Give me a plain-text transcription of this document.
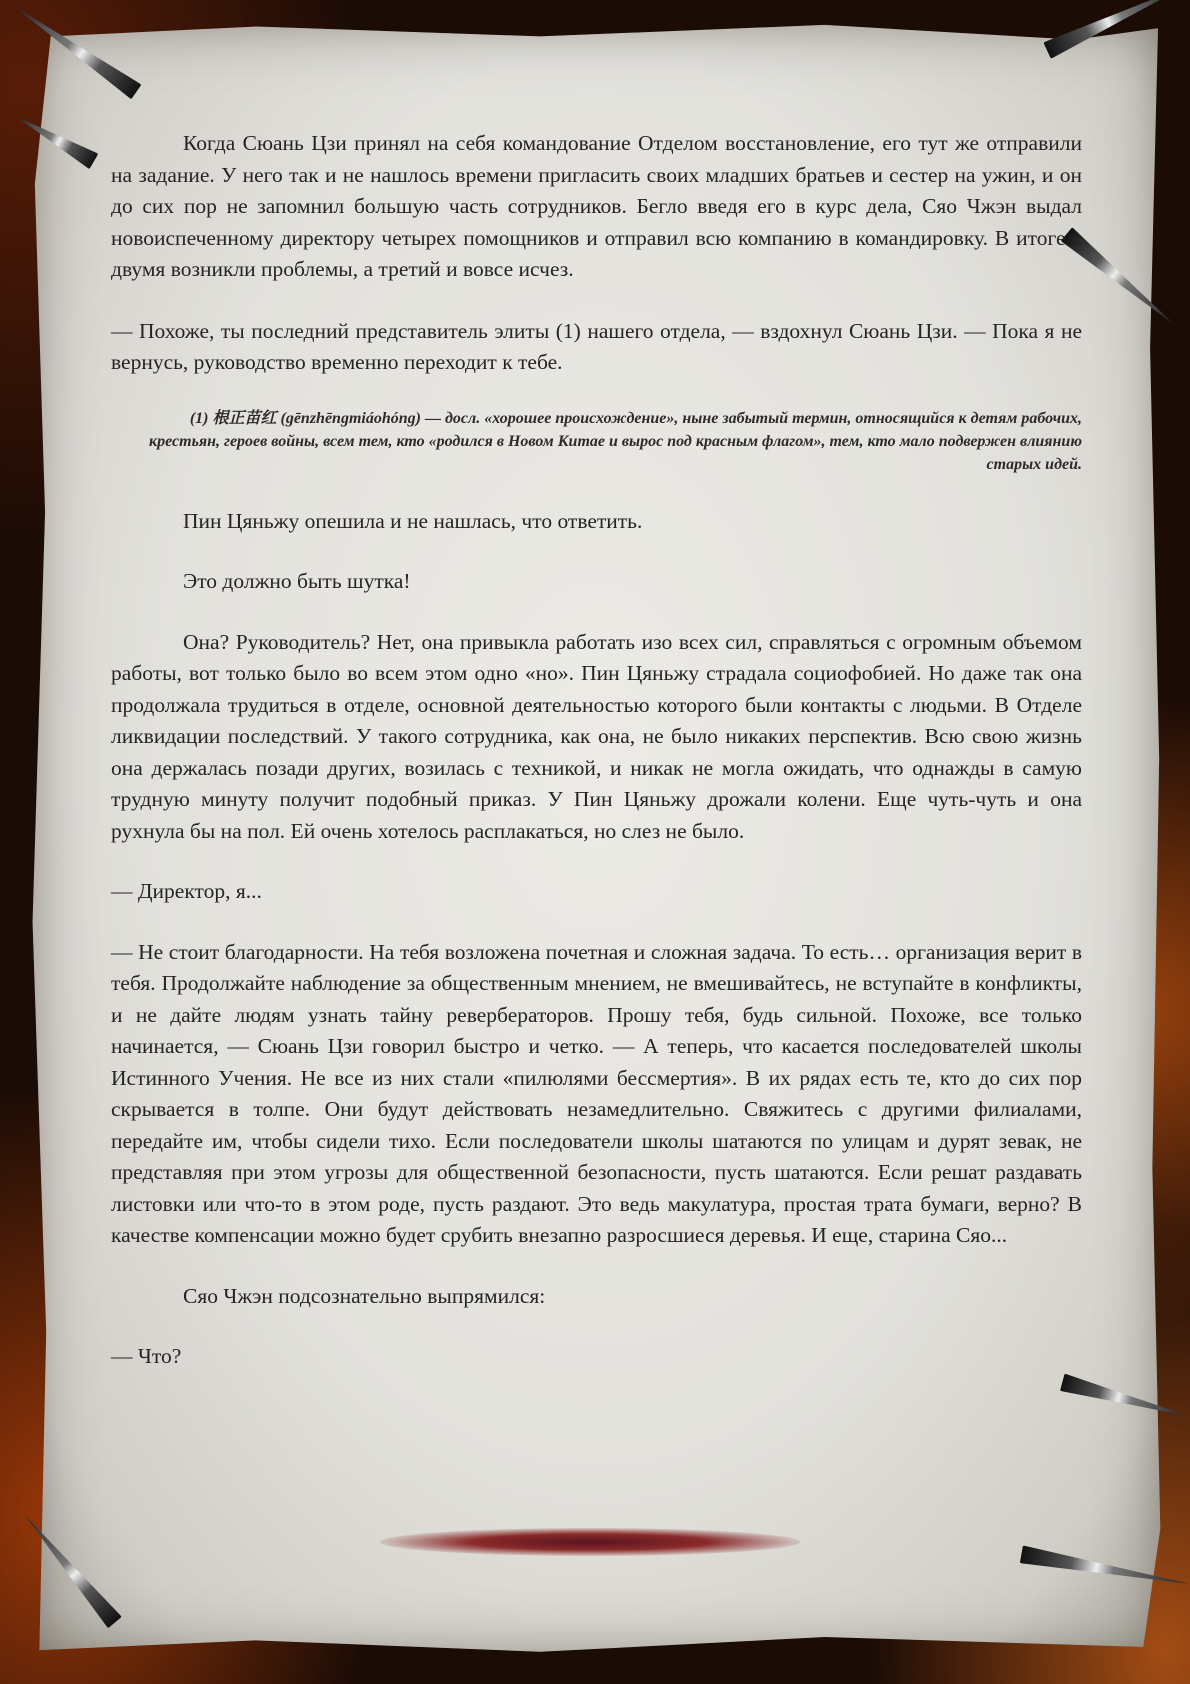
Когда Сюань Цзи принял на себя командование Отделом восстановление, его тут же отправили на задание. У него так и не нашлось времени пригласить своих младших братьев и сестер на ужин, и он до сих пор не запомнил большую часть сотрудников. Бегло введя его в курс дела, Сяо Чжэн выдал новоиспеченному директору четырех помощников и отправил всю компанию в командировку. В итоге с двумя возникли проблемы, а третий и вовсе исчез.

— Похоже, ты последний представитель элиты (1) нашего отдела, — вздохнул Сюань Цзи. — Пока я не вернусь, руководство временно переходит к тебе.

(1) 根正苗红 (gēnzhēngmiáohóng) — досл. «хорошее происхождение», ныне забытый термин, относящийся к детям рабочих, крестьян, героев войны, всем тем, кто «родился в Новом Китае и вырос под красным флагом», тем, кто мало подвержен влиянию старых идей.

Пин Цяньжу опешила и не нашлась, что ответить.

Это должно быть шутка!

Она? Руководитель? Нет, она привыкла работать изо всех сил, справляться с огромным объемом работы, вот только было во всем этом одно «но». Пин Цяньжу страдала социофобией. Но даже так она продолжала трудиться в отделе, основной деятельностью которого были контакты с людьми. В Отделе ликвидации последствий. У такого сотрудника, как она, не было никаких перспектив. Всю свою жизнь она держалась позади других, возилась с техникой, и никак не могла ожидать, что однажды в самую трудную минуту получит подобный приказ. У Пин Цяньжу дрожали колени. Еще чуть-чуть и она рухнула бы на пол. Ей очень хотелось расплакаться, но слез не было.

— Директор, я...

— Не стоит благодарности. На тебя возложена почетная и сложная задача. То есть… организация верит в тебя. Продолжайте наблюдение за общественным мнением, не вмешивайтесь, не вступайте в конфликты, и не дайте людям узнать тайну ревербераторов. Прошу тебя, будь сильной. Похоже, все только начинается, — Сюань Цзи говорил быстро и четко. — А теперь, что касается последователей школы Истинного Учения. Не все из них стали «пилюлями бессмертия». В их рядах есть те, кто до сих пор скрывается в толпе. Они будут действовать незамедлительно. Свяжитесь с другими филиалами, передайте им, чтобы сидели тихо. Если последователи школы шатаются по улицам и дурят зевак, не представляя при этом угрозы для общественной безопасности, пусть шатаются. Если решат раздавать листовки или что-то в этом роде, пусть раздают. Это ведь макулатура, простая трата бумаги, верно? В качестве компенсации можно будет срубить внезапно разросшиеся деревья. И еще, старина Сяо...

Сяо Чжэн подсознательно выпрямился:

— Что?
